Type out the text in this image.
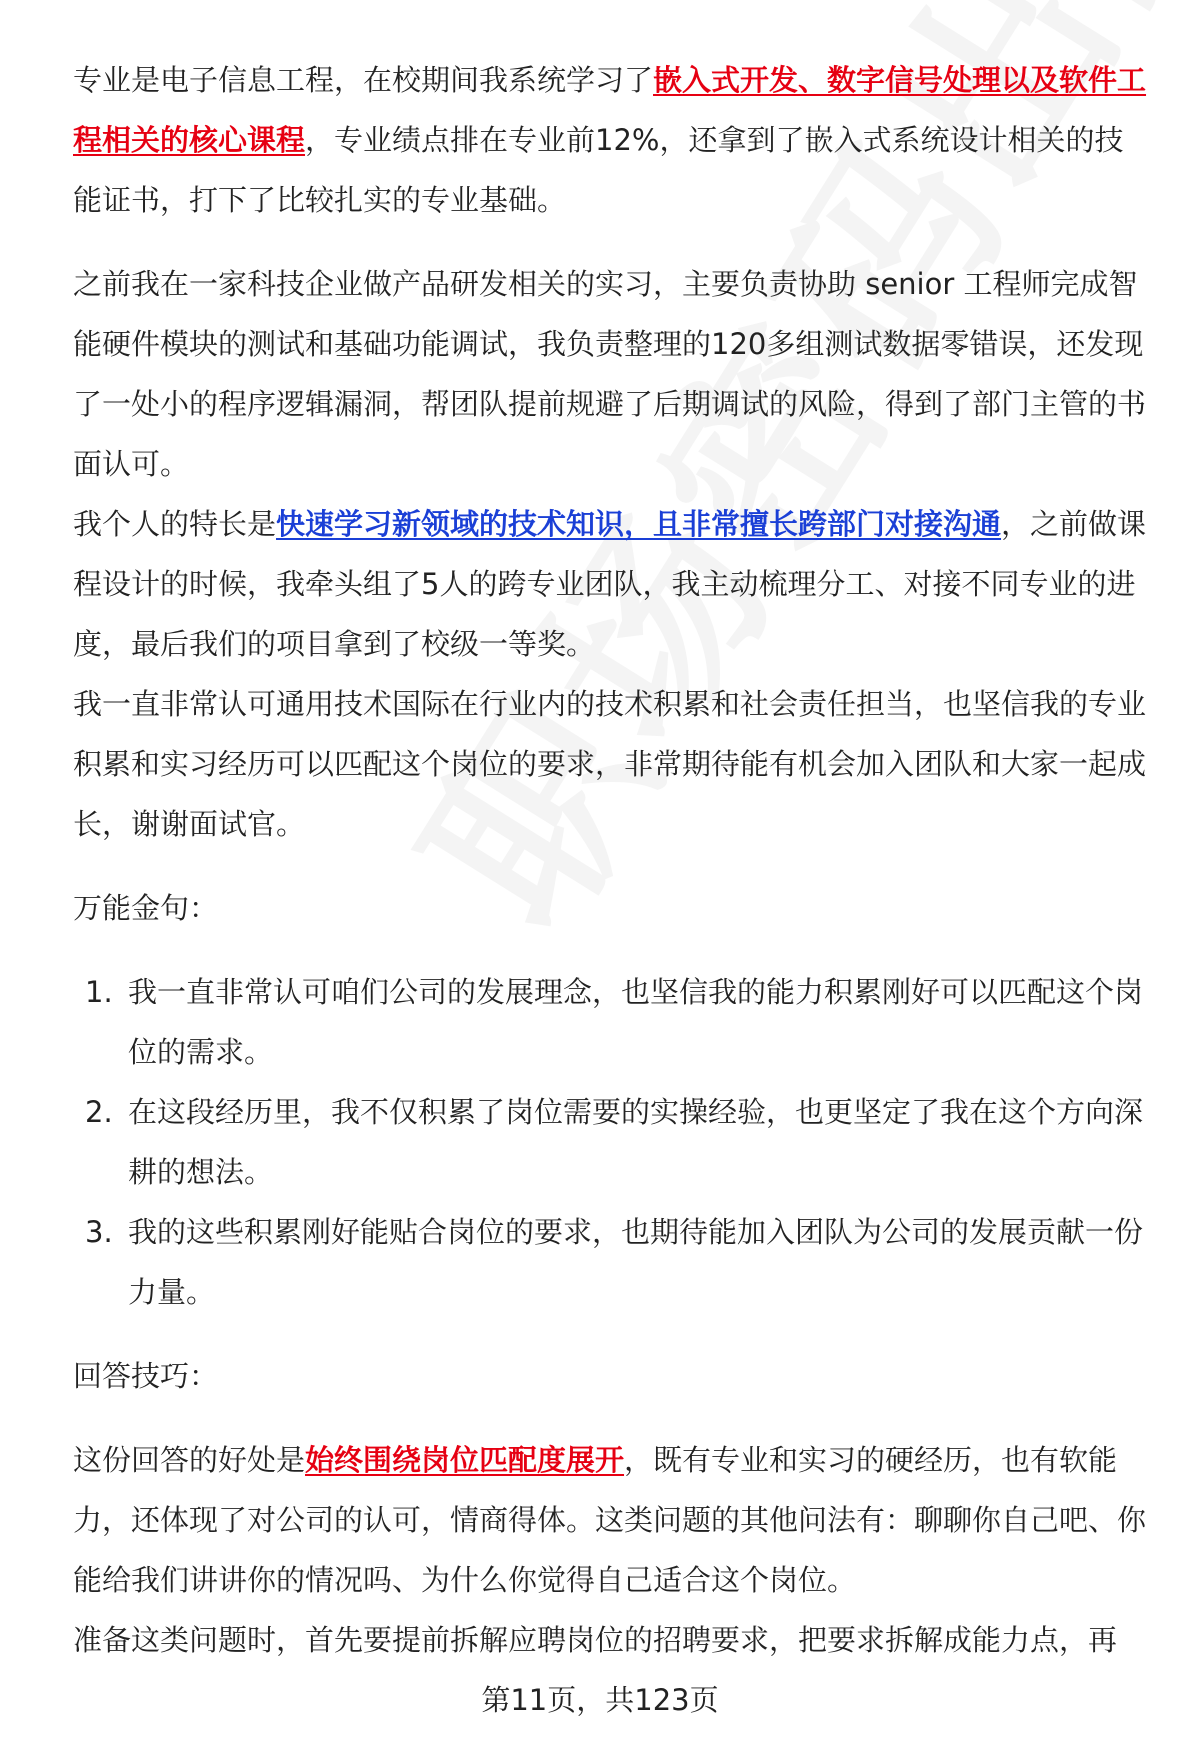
专业是电子信息工程，在校期间我系统学习了嵌入式开发、数字信号处理以及软件工程相关的核心课程，专业绩点排在专业前12%，还拿到了嵌入式系统设计相关的技能证书，打下了比较扎实的专业基础。

之前我在一家科技企业做产品研发相关的实习，主要负责协助 senior 工程师完成智能硬件模块的测试和基础功能调试，我负责整理的120多组测试数据零错误，还发现了一处小的程序逻辑漏洞，帮团队提前规避了后期调试的风险，得到了部门主管的书面认可。

我个人的特长是快速学习新领域的技术知识，且非常擅长跨部门对接沟通，之前做课程设计的时候，我牵头组了5人的跨专业团队，我主动梳理分工、对接不同专业的进度，最后我们的项目拿到了校级一等奖。

我一直非常认可通用技术国际在行业内的技术积累和社会责任担当，也坚信我的专业积累和实习经历可以匹配这个岗位的要求，非常期待能有机会加入团队和大家一起成长，谢谢面试官。

万能金句：

1. 我一直非常认可咱们公司的发展理念，也坚信我的能力积累刚好可以匹配这个岗位的需求。
2. 在这段经历里，我不仅积累了岗位需要的实操经验，也更坚定了我在这个方向深耕的想法。
3. 我的这些积累刚好能贴合岗位的要求，也期待能加入团队为公司的发展贡献一份力量。

回答技巧：

这份回答的好处是始终围绕岗位匹配度展开，既有专业和实习的硬经历，也有软能力，还体现了对公司的认可，情商得体。这类问题的其他问法有：聊聊你自己吧、你能给我们讲讲你的情况吗、为什么你觉得自己适合这个岗位。

准备这类问题时，首先要提前拆解应聘岗位的招聘要求，把要求拆解成能力点，再

第11页，共123页
